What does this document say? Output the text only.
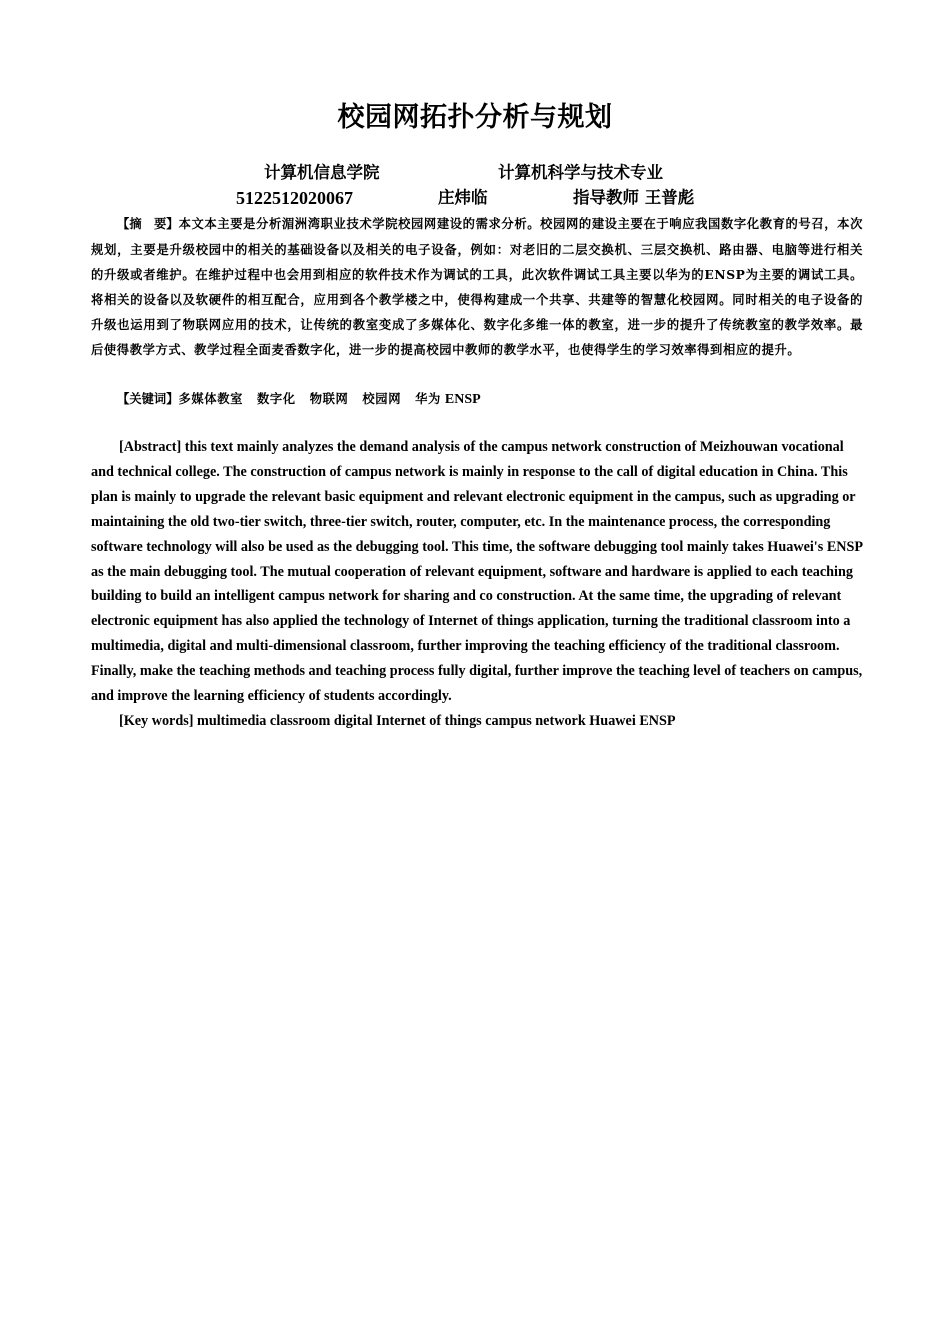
校园网拓扑分析与规划
计算机信息学院	计算机科学与技术专业
5122512020067	庄炜临	指导教师 王普彪
【摘　要】本文本主要是分析湄洲湾职业技术学院校园网建设的需求分析。校园网的建设主要在于响应我国数字化教育的号召，本次规划，主要是升级校园中的相关的基础设备以及相关的电子设备，例如：对老旧的二层交换机、三层交换机、路由器、电脑等进行相关的升级或者维护。在维护过程中也会用到相应的软件技术作为调试的工具，此次软件调试工具主要以华为的ENSP为主要的调试工具。将相关的设备以及软硬件的相互配合，应用到各个教学楼之中，使得构建成一个共享、共建等的智慧化校园网。同时相关的电子设备的升级也运用到了物联网应用的技术，让传统的教室变成了多媒体化、数字化多维一体的教室，进一步的提升了传统教室的教学效率。最后使得教学方式、教学过程全面麦香数字化，进一步的提高校园中教师的教学水平，也使得学生的学习效率得到相应的提升。
【关键词】多媒体教室 数字化 物联网 校园网 华为 ENSP
[Abstract] this text mainly analyzes the demand analysis of the campus network construction of Meizhouwan vocational and technical college. The construction of campus network is mainly in response to the call of digital education in China. This plan is mainly to upgrade the relevant basic equipment and relevant electronic equipment in the campus, such as upgrading or maintaining the old two-tier switch, three-tier switch, router, computer, etc. In the maintenance process, the corresponding software technology will also be used as the debugging tool. This time, the software debugging tool mainly takes Huawei's ENSP as the main debugging tool. The mutual cooperation of relevant equipment, software and hardware is applied to each teaching building to build an intelligent campus network for sharing and co construction. At the same time, the upgrading of relevant electronic equipment has also applied the technology of Internet of things application, turning the traditional classroom into a multimedia, digital and multi-dimensional classroom, further improving the teaching efficiency of the traditional classroom. Finally, make the teaching methods and teaching process fully digital, further improve the teaching level of teachers on campus, and improve the learning efficiency of students accordingly.
[Key words] multimedia classroom digital Internet of things campus network Huawei ENSP
